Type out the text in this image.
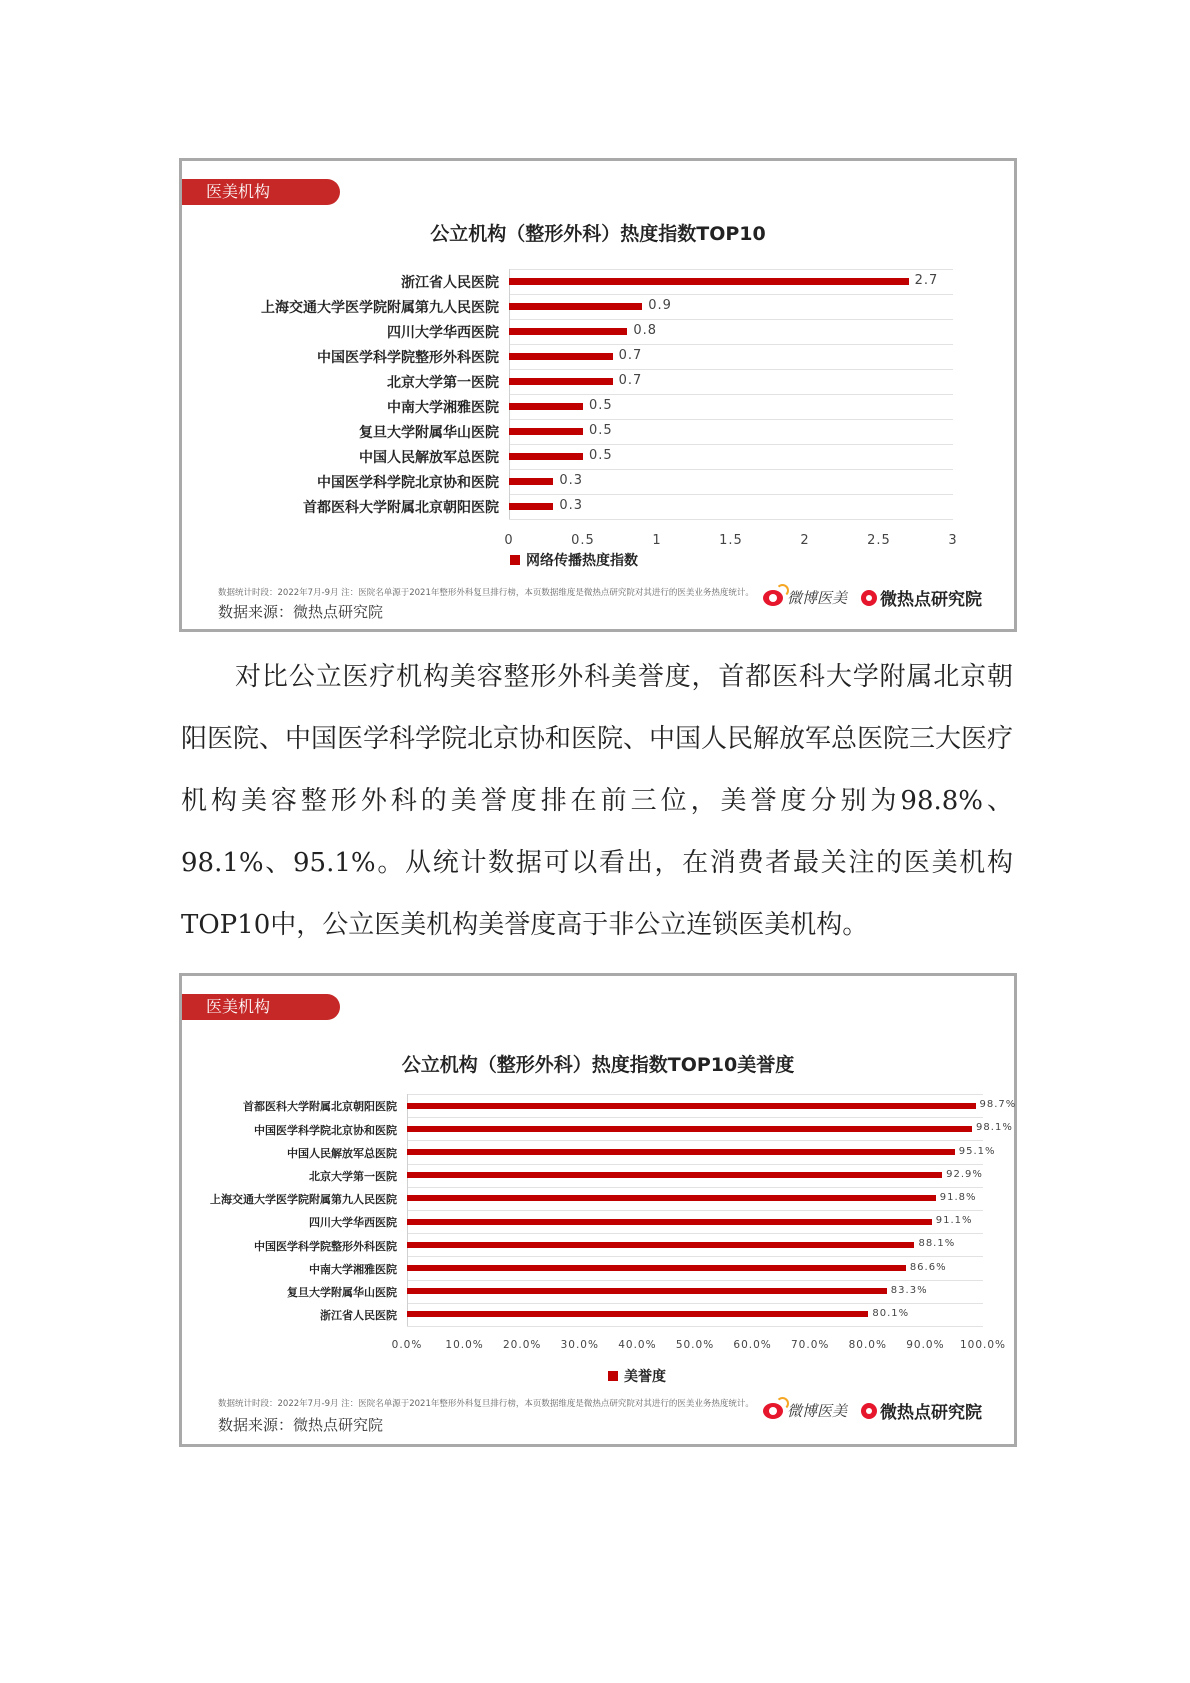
医美机构
公立机构（整形外科）热度指数TOP10
浙江省人民医院	2.7
上海交通大学医学院附属第九人民医院	0.9
四川大学华西医院	0.8
中国医学科学院整形外科医院	0.7
北京大学第一医院	0.7
中南大学湘雅医院	0.5
复旦大学附属华山医院	0.5
中国人民解放军总医院	0.5
中国医学科学院北京协和医院	0.3
首都医科大学附属北京朝阳医院	0.3
0	0.5	1	1.5	2	2.5	3
网络传播热度指数
数据统计时段：2022年7月-9月 注：医院名单源于2021年整形外科复旦排行榜，本页数据维度是微热点研究院对其进行的医美业务热度统计。
数据来源：微热点研究院
微博医美 微热点研究院

对比公立医疗机构美容整形外科美誉度，首都医科大学附属北京朝阳医院、中国医学科学院北京协和医院、中国人民解放军总医院三大医疗机构美容整形外科的美誉度排在前三位，美誉度分别为98.8%、98.1%、95.1%。从统计数据可以看出，在消费者最关注的医美机构TOP10中，公立医美机构美誉度高于非公立连锁医美机构。

医美机构
公立机构（整形外科）热度指数TOP10美誉度
首都医科大学附属北京朝阳医院	98.7%
中国医学科学院北京协和医院	98.1%
中国人民解放军总医院	95.1%
北京大学第一医院	92.9%
上海交通大学医学院附属第九人民医院	91.8%
四川大学华西医院	91.1%
中国医学科学院整形外科医院	88.1%
中南大学湘雅医院	86.6%
复旦大学附属华山医院	83.3%
浙江省人民医院	80.1%
0.0%	10.0%	20.0%	30.0%	40.0%	50.0%	60.0%	70.0%	80.0%	90.0%	100.0%
美誉度
数据统计时段：2022年7月-9月 注：医院名单源于2021年整形外科复旦排行榜，本页数据维度是微热点研究院对其进行的医美业务热度统计。
数据来源：微热点研究院
微博医美 微热点研究院
